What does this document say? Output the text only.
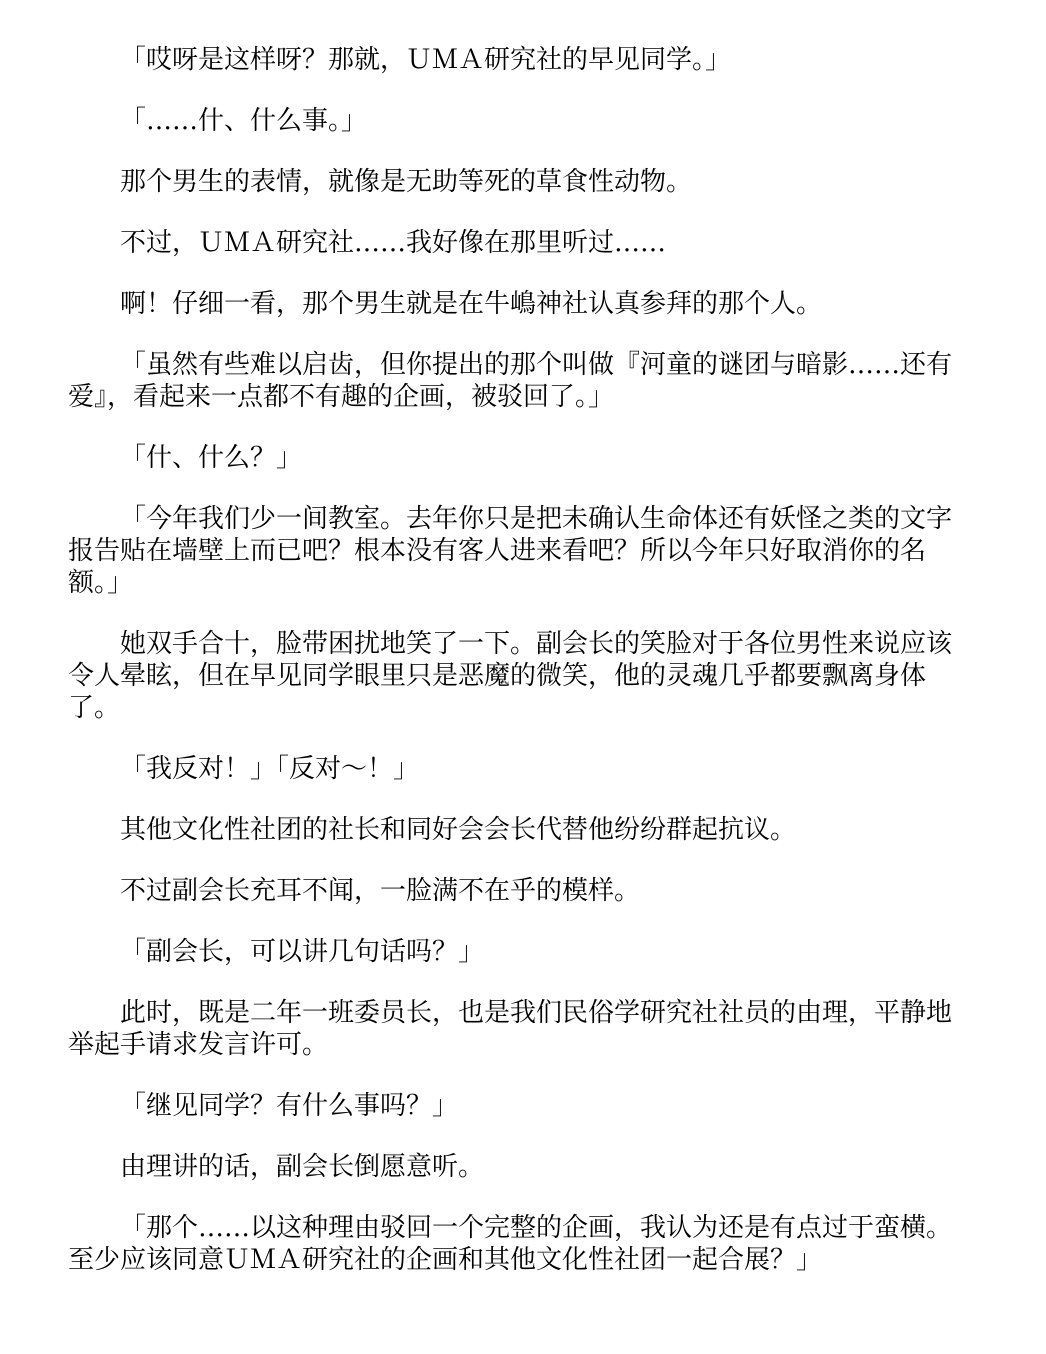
「哎呀是这样呀？那就，ＵＭＡ研究社的早见同学。」

「……什、什么事。」

那个男生的表情，就像是无助等死的草食性动物。

不过，ＵＭＡ研究社……我好像在那里听过……

啊！仔细一看，那个男生就是在牛嶋神社认真参拜的那个人。

「虽然有些难以启齿，但你提出的那个叫做『河童的谜团与暗影……还有爱』，看起来一点都不有趣的企画，被驳回了。」

「什、什么？」

「今年我们少一间教室。去年你只是把未确认生命体还有妖怪之类的文字报告贴在墙壁上而已吧？根本没有客人进来看吧？所以今年只好取消你的名额。」

她双手合十，脸带困扰地笑了一下。副会长的笑脸对于各位男性来说应该令人晕眩，但在早见同学眼里只是恶魔的微笑，他的灵魂几乎都要飘离身体了。

「我反对！」「反对～！」

其他文化性社团的社长和同好会会长代替他纷纷群起抗议。

不过副会长充耳不闻，一脸满不在乎的模样。

「副会长，可以讲几句话吗？」

此时，既是二年一班委员长，也是我们民俗学研究社社员的由理，平静地举起手请求发言许可。

「继见同学？有什么事吗？」

由理讲的话，副会长倒愿意听。

「那个……以这种理由驳回一个完整的企画，我认为还是有点过于蛮横。至少应该同意ＵＭＡ研究社的企画和其他文化性社团一起合展？」
